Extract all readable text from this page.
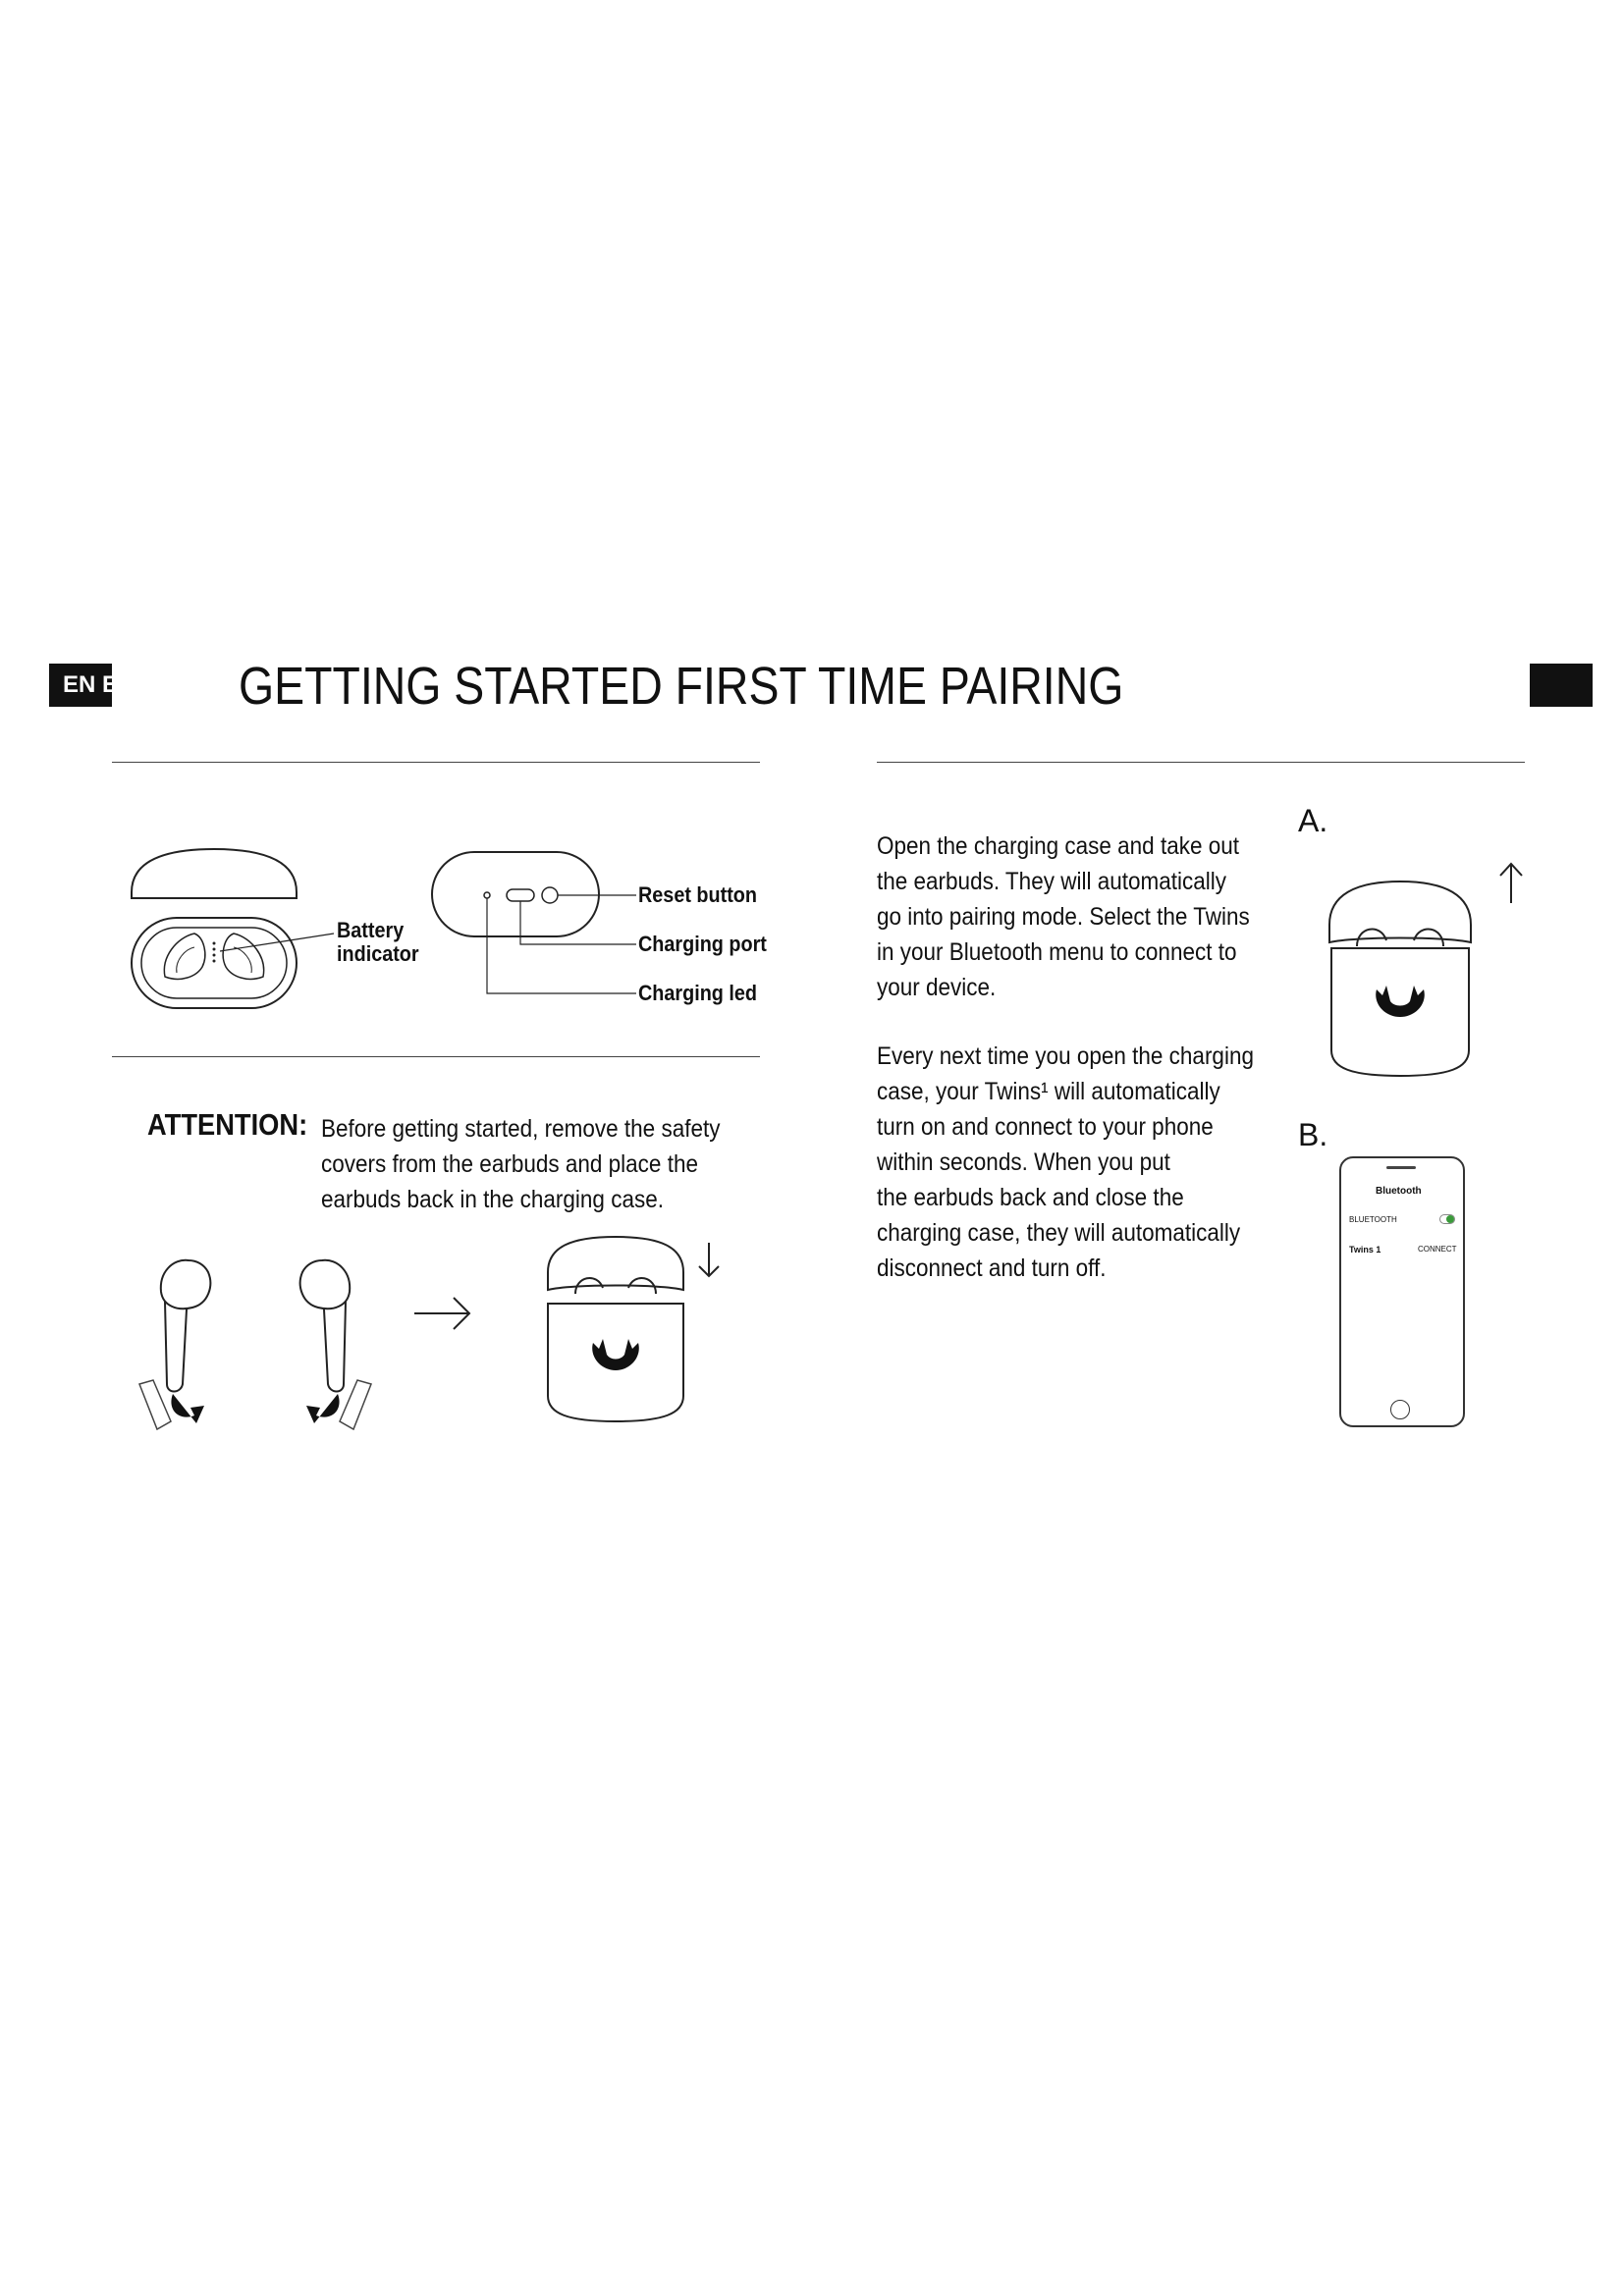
EN E GETTING STARTED FIRST TIME PAIRING
Battery
indicator
Reset button
Charging port
Charging led
ATTENTION: Before getting started, remove the safety
covers from the earbuds and place the
earbuds back in the charging case.
Open the charging case and take out
the earbuds. They will automatically
go into pairing mode. Select the Twins
in your Bluetooth menu to connect to
your device.
Every next time you open the charging
case, your Twins¹ will automatically
turn on and connect to your phone
within seconds. When you put
the earbuds back and close the
charging case, they will automatically
disconnect and turn off.
A.
B.
Bluetooth
BLUETOOTH
Twins 1	CONNECT
